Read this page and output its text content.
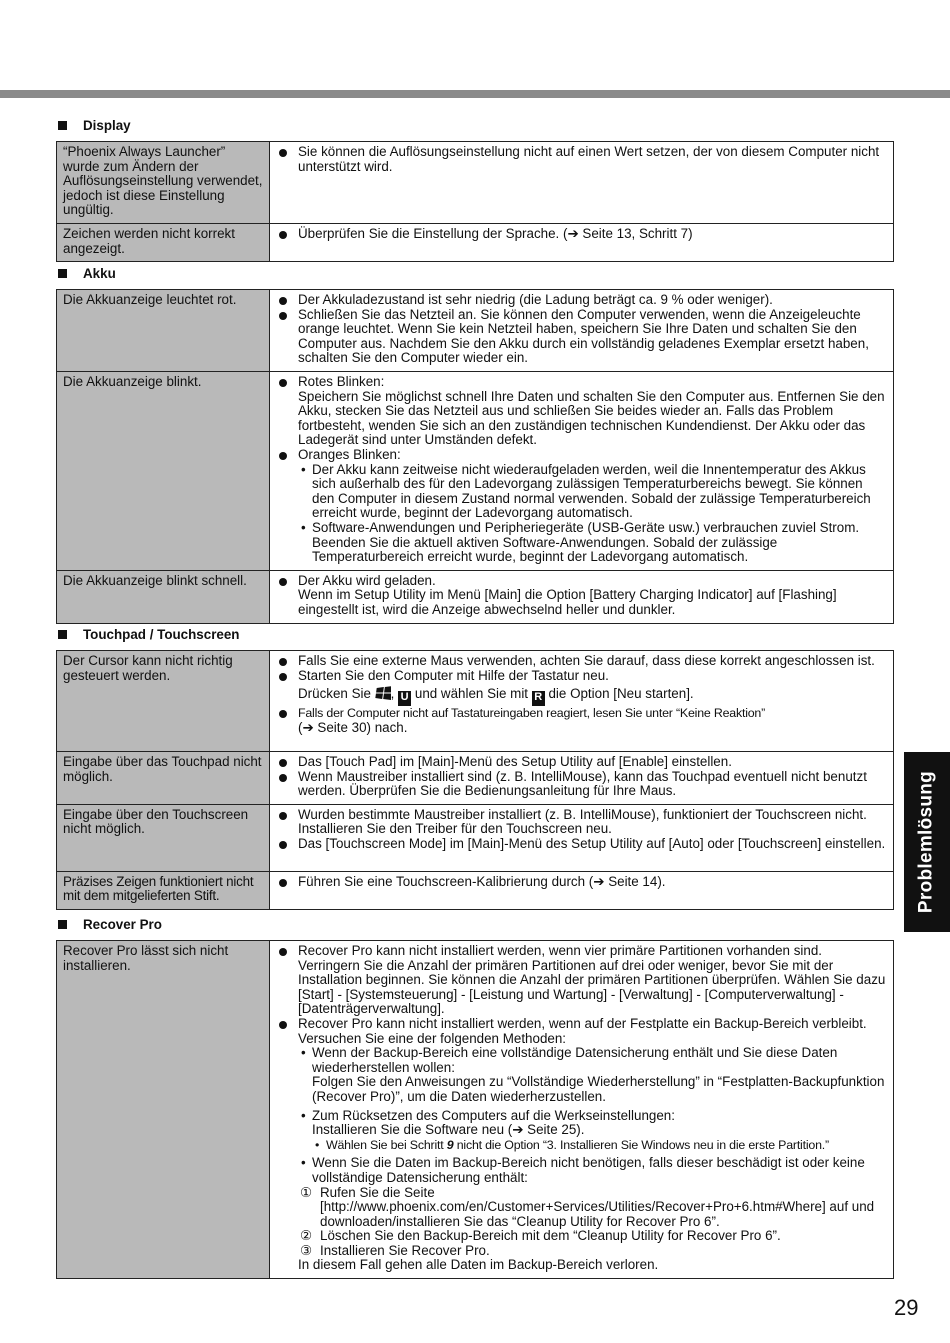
Display
“Phoenix Always Launcher” wurde zum Ändern der Auflösungseinstellung verwendet, jedoch ist diese Einstellung ungültig.	Sie können die Auflösungseinstellung nicht auf einen Wert setzen, der von diesem Computer nicht unterstützt wird.

Zeichen werden nicht korrekt angezeigt.	Überprüfen Sie die Einstellung der Sprache. (➔ Seite 13, Schritt 7)
Akku
Die Akkuanzeige leuchtet rot.	Der Akkuladezustand ist sehr niedrig (die Ladung beträgt ca. 9 % oder weniger).
Schließen Sie das Netzteil an. Sie können den Computer verwenden, wenn die Anzeigeleuchte orange leuchtet. Wenn Sie kein Netzteil haben, speichern Sie Ihre Daten und schalten Sie den Computer aus. Nachdem Sie den Akku durch ein vollständig geladenes Exemplar ersetzt haben, schalten Sie den Computer wieder ein.

Die Akkuanzeige blinkt.	Rotes Blinken:
Speichern Sie möglichst schnell Ihre Daten und schalten Sie den Computer aus. Entfernen Sie den Akku, stecken Sie das Netzteil aus und schließen Sie beides wieder an. Falls das Problem fortbesteht, wenden Sie sich an den zuständigen technischen Kundendienst. Der Akku oder das Ladegerät sind unter Umständen defekt.
Oranges Blinken:
• Der Akku kann zeitweise nicht wiederaufgeladen werden, weil die Innentemperatur des Akkus sich außerhalb des für den Ladevorgang zulässigen Temperaturbereichs bewegt. Sie können den Computer in diesem Zustand normal verwenden. Sobald der zulässige Temperaturbereich erreicht wurde, beginnt der Ladevorgang automatisch.
• Software-Anwendungen und Peripheriegeräte (USB-Geräte usw.) verbrauchen zuviel Strom. Beenden Sie die aktuell aktiven Software-Anwendungen. Sobald der zulässige Temperaturbereich erreicht wurde, beginnt der Ladevorgang automatisch.

Die Akkuanzeige blinkt schnell.	Der Akku wird geladen.
Wenn im Setup Utility im Menü [Main] die Option [Battery Charging Indicator] auf [Flashing] eingestellt ist, wird die Anzeige abwechselnd heller und dunkler.
Touchpad / Touchscreen
Der Cursor kann nicht richtig gesteuert werden.	Falls Sie eine externe Maus verwenden, achten Sie darauf, dass diese korrekt angeschlossen ist.
Starten Sie den Computer mit Hilfe der Tastatur neu.
Drücken Sie , U und wählen Sie mit R die Option [Neu starten].
Falls der Computer nicht auf Tastatureingaben reagiert, lesen Sie unter “Keine Reaktion”
(➔ Seite 30) nach.

Eingabe über das Touchpad nicht möglich.	Das [Touch Pad] im [Main]-Menü des Setup Utility auf [Enable] einstellen.
Wenn Maustreiber installiert sind (z. B. IntelliMouse), kann das Touchpad eventuell nicht benutzt werden. Überprüfen Sie die Bedienungsanleitung für Ihre Maus.

Eingabe über den Touchscreen nicht möglich.	Wurden bestimmte Maustreiber installiert (z. B. IntelliMouse), funktioniert der Touchscreen nicht. Installieren Sie den Treiber für den Touchscreen neu.
Das [Touchscreen Mode] im [Main]-Menü des Setup Utility auf [Auto] oder [Touchscreen] einstellen.

Präzises Zeigen funktioniert nicht mit dem mitgelieferten Stift.	Führen Sie eine Touchscreen-Kalibrierung durch (➔ Seite 14).
Recover Pro
Recover Pro lässt sich nicht installieren.	
Recover Pro kann nicht installiert werden, wenn vier primäre Partitionen vorhanden sind. Verringern Sie die Anzahl der primären Partitionen auf drei oder weniger, bevor Sie mit der Installation beginnen. Sie können die Anzahl der primären Partitionen überprüfen. Wählen Sie dazu [Start] - [Systemsteuerung] - [Leistung und Wartung] - [Verwaltung] - [Computerverwaltung] - [Datenträgerverwaltung].
Recover Pro kann nicht installiert werden, wenn auf der Festplatte ein Backup-Bereich verbleibt. Versuchen Sie eine der folgenden Methoden:
• Wenn der Backup-Bereich eine vollständige Datensicherung enthält und Sie diese Daten wiederherstellen wollen:
Folgen Sie den Anweisungen zu “Vollständige Wiederherstellung” in “Festplatten-Backupfunktion (Recover Pro)”, um die Daten wiederherzustellen.
• Zum Rücksetzen des Computers auf die Werkseinstellungen:
Installieren Sie die Software neu (➔ Seite 25).
• Wählen Sie bei Schritt 9 nicht die Option “3. Installieren Sie Windows neu in die erste Partition.”
• Wenn Sie die Daten im Backup-Bereich nicht benötigen, falls dieser beschädigt ist oder keine vollständige Datensicherung enthält:
① Rufen Sie die Seite [http://www.phoenix.com/en/Customer+Services/Utilities/Recover+Pro+6.htm#Where] auf und downloaden/installieren Sie das “Cleanup Utility for Recover Pro 6”.
② Löschen Sie den Backup-Bereich mit dem “Cleanup Utility for Recover Pro 6”.
③ Installieren Sie Recover Pro.
In diesem Fall gehen alle Daten im Backup-Bereich verloren.
Problemlösung
29
